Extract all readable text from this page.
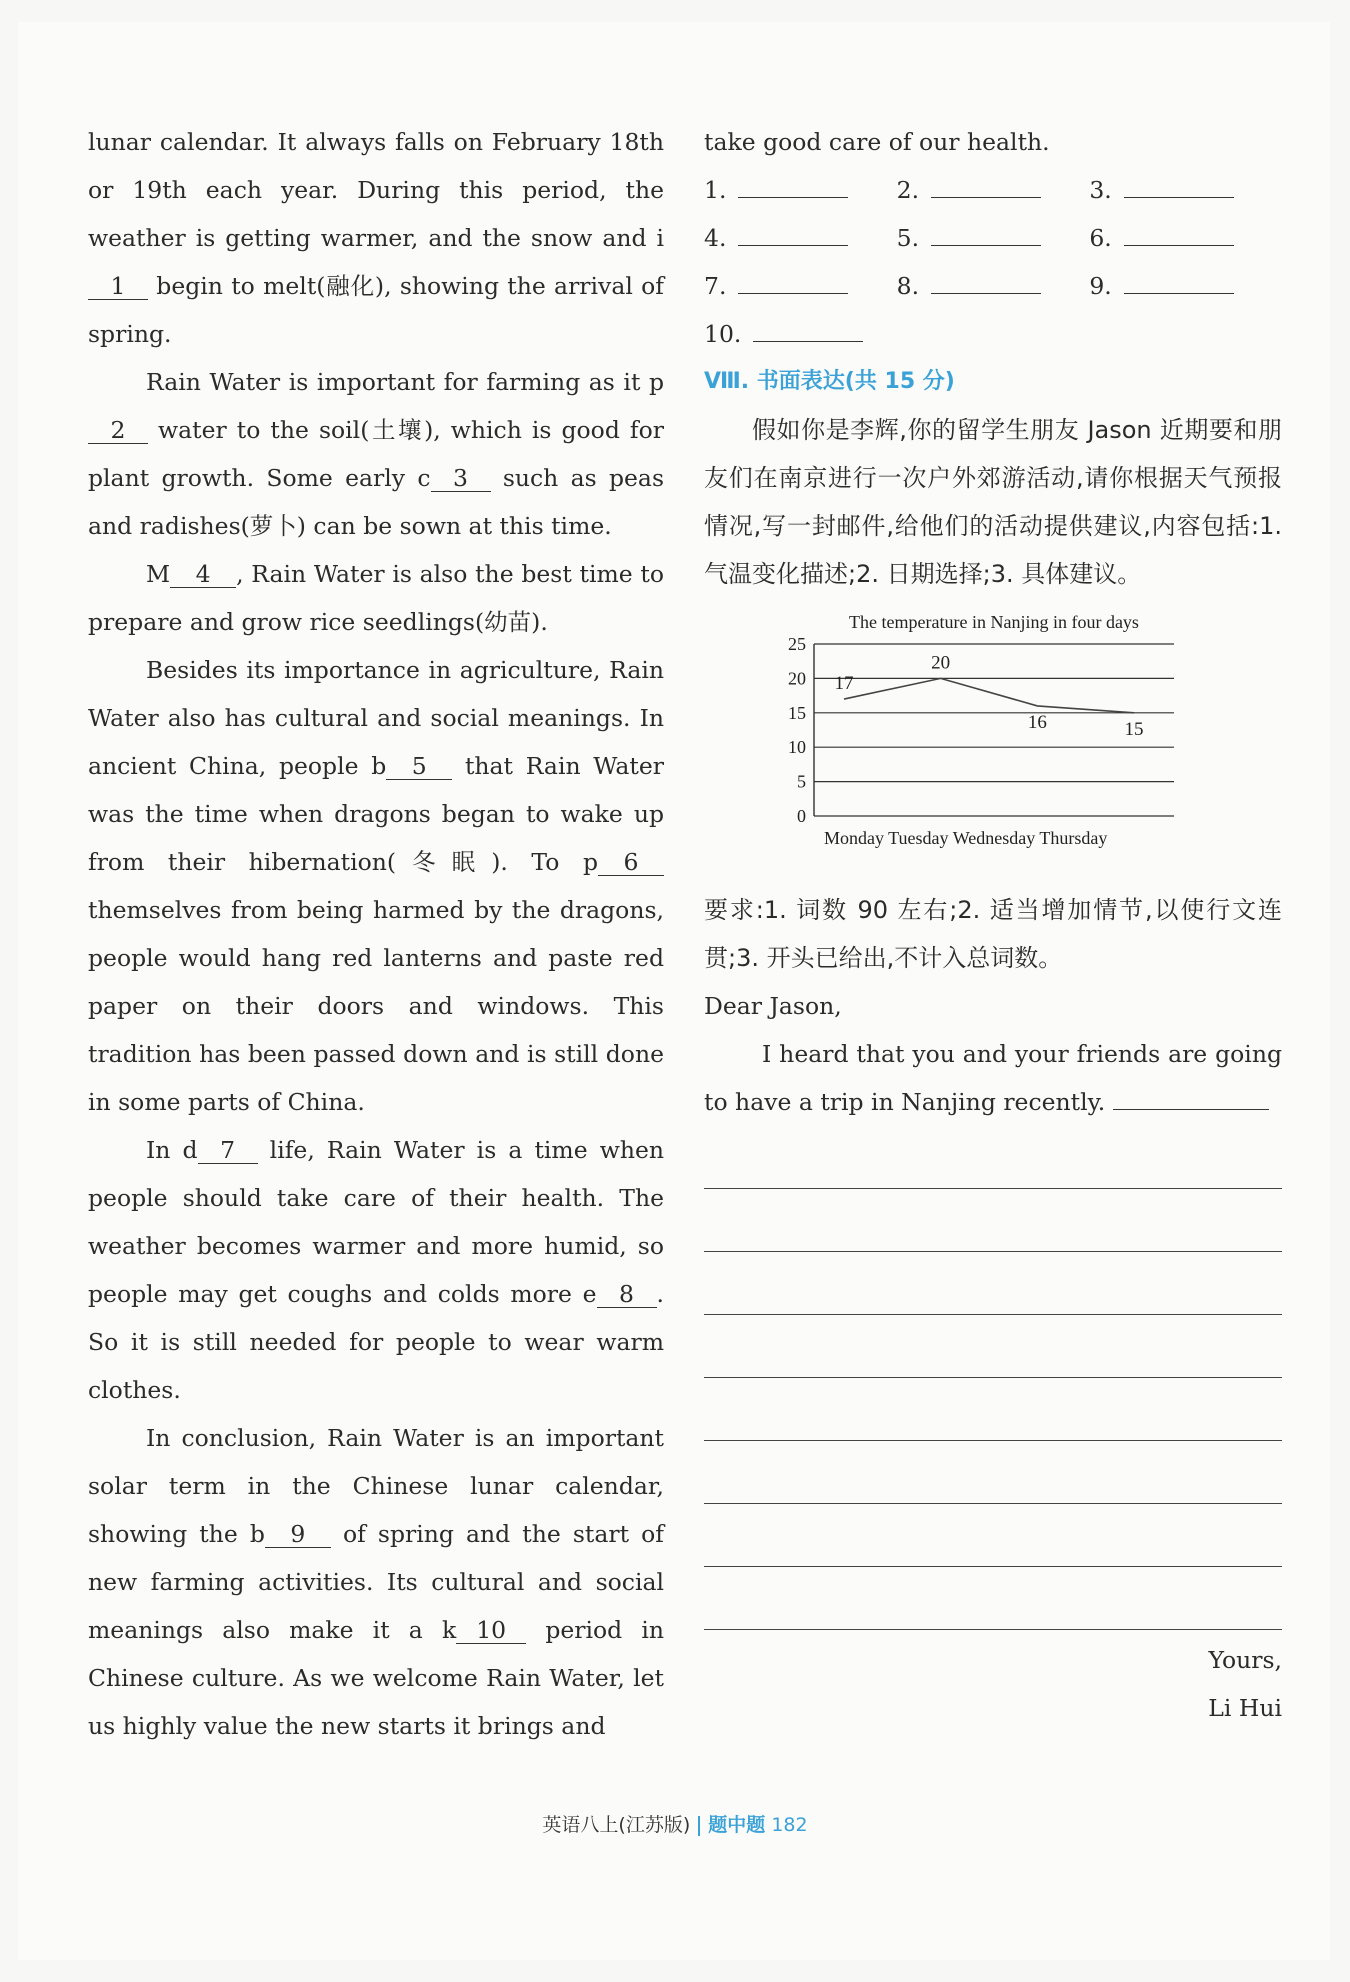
lunar calendar. It always falls on February 18th or 19th each year. During this period, the weather is getting warmer, and the snow and i1 begin to melt(融化), showing the arrival of spring.

Rain Water is important for farming as it p2 water to the soil(土壤), which is good for plant growth. Some early c 3 such as peas and radishes(萝卜) can be sown at this time.

M 4 , Rain Water is also the best time to prepare and grow rice seedlings(幼苗).

Besides its importance in agriculture, Rain Water also has cultural and social meanings. In ancient China, people b 5 that Rain Water was the time when dragons began to wake up from their hibernation(冬眠). To p 6 themselves from being harmed by the dragons, people would hang red lanterns and paste red paper on their doors and windows. This tradition has been passed down and is still done in some parts of China.

In d 7 life, Rain Water is a time when people should take care of their health. The weather becomes warmer and more humid, so people may get coughs and colds more e 8 . So it is still needed for people to wear warm clothes.

In conclusion, Rain Water is an important solar term in the Chinese lunar calendar, showing the b 9 of spring and the start of new farming activities. Its cultural and social meanings also make it a k 10 period in Chinese culture. As we welcome Rain Water, let us highly value the new starts it brings and

take good care of our health.

1.	2.	3.
4.	5.	6.
7.	8.	9.
10.
Ⅷ. 书面表达(共 15 分)

假如你是李辉,你的留学生朋友 Jason 近期要和朋友们在南京进行一次户外郊游活动,请你根据天气预报情况,写一封邮件,给他们的活动提供建议,内容包括:1. 气温变化描述;2. 日期选择;3. 具体建议。

The temperature in Nanjing in four days
0
5
10
15
20
25
17
20
16	15
Monday Tuesday Wednesday Thursday

要求:1. 词数 90 左右;2. 适当增加情节,以使行文连贯;3. 开头已给出,不计入总词数。

Dear Jason,

I heard that you and your friends are going to have a trip in Nanjing recently.

Yours,
Li Hui
英语八上(江苏版) 题中题 182
